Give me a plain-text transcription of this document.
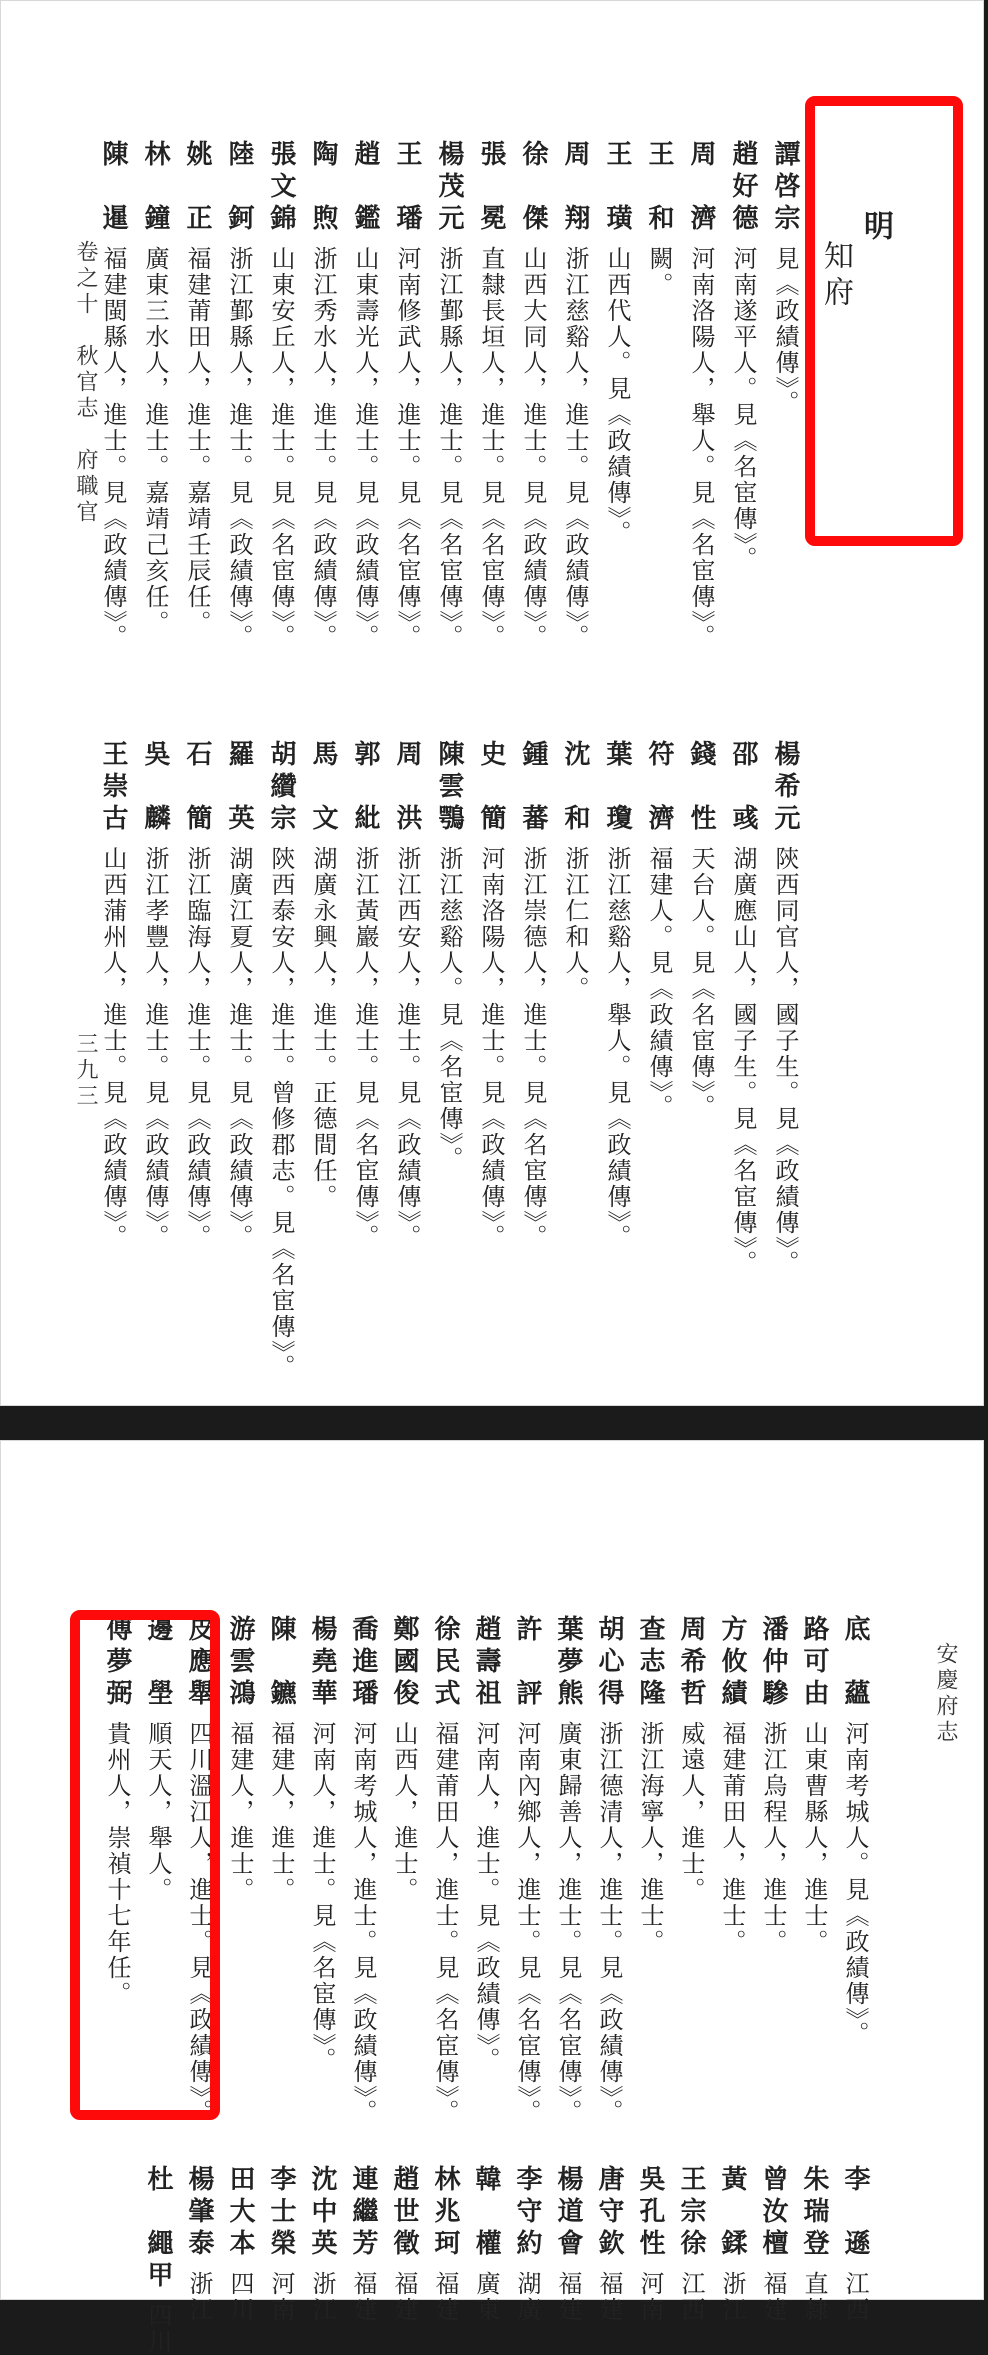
明
知府
譚啓宗見《政績傳》。
趙好德河南遂平人。見《名宦傳》。
周　濟河南洛陽人，舉人。見《名宦傳》。
王　和闕。
王　璜山西代人。見《政績傳》。
周　翔浙江慈谿人，進士。見《政績傳》。
徐　傑山西大同人，進士。見《政績傳》。
張　冕直隸長垣人，進士。見《名宦傳》。
楊茂元浙江鄞縣人，進士。見《名宦傳》。
王　璠河南修武人，進士。見《名宦傳》。
趙　鑑山東壽光人，進士。見《政績傳》。
陶　煦浙江秀水人，進士。見《政績傳》。
張文錦山東安丘人，進士。見《名宦傳》。
陸　鈳浙江鄞縣人，進士。見《政績傳》。
姚　正福建莆田人，進士。嘉靖壬辰任。
林　鐘廣東三水人，進士。嘉靖己亥任。
陳　暹福建閩縣人，進士。見《政績傳》。
楊希元陝西同官人，國子生。見《政績傳》。
邵　彧湖廣應山人，國子生。見《名宦傳》。
錢　性天台人。見《名宦傳》。
符　濟福建人。見《政績傳》。
葉　瓊浙江慈谿人，舉人。見《政績傳》。
沈　和浙江仁和人。
鍾　蕃浙江崇德人，進士。見《名宦傳》。
史　簡河南洛陽人，進士。見《政績傳》。
陳雲鶚浙江慈谿人。見《名宦傳》。
周　洪浙江西安人，進士。見《政績傳》。
郭　紕浙江黃巖人，進士。見《名宦傳》。
馬　文湖廣永興人，進士。正德間任。
胡纘宗陝西泰安人，進士。曾修郡志。見《名宦傳》。
羅　英湖廣江夏人，進士。見《政績傳》。
石　簡浙江臨海人，進士。見《政績傳》。
吳　麟浙江孝豐人，進士。見《政績傳》。
王崇古山西蒲州人，進士。見《政績傳》。
卷之十　秋官志　府職官
三九三
安慶府志
底　蘊河南考城人。見《政績傳》。
路可由山東曹縣人，進士。
潘仲驂浙江烏程人，進士。
方攸績福建莆田人，進士。
周希哲威遠人，進士。
查志隆浙江海寧人，進士。
胡心得浙江德清人，進士。見《政績傳》。
葉夢熊廣東歸善人，進士。見《名宦傳》。
許　評河南內鄉人，進士。見《名宦傳》。
趙壽祖河南人，進士。見《政績傳》。
徐民式福建莆田人，進士。見《名宦傳》。
鄭國俊山西人，進士。
喬進璠河南考城人，進士。見《政績傳》。
楊堯華河南人，進士。見《名宦傳》。
陳　鑣福建人，進士。
游雲鴻福建人，進士。
皮應舉四川溫江人，進士。見《政績傳》。
邊　壆順天人，舉人。
傅夢弼貴州人，崇禎十七年任。
李　遜江西
朱瑞登直隸
曾汝檀福建
黃　鍒浙江
王宗徐江西
吳孔性河南
唐守欽福建
楊道會福建
李守約湖廣
韓　權廣東
林兆珂福建
趙世徵福建
連繼芳福建
沈中英浙江
李士榮河南
田大本四川
楊肇泰浙江
杜　繩甲四川
